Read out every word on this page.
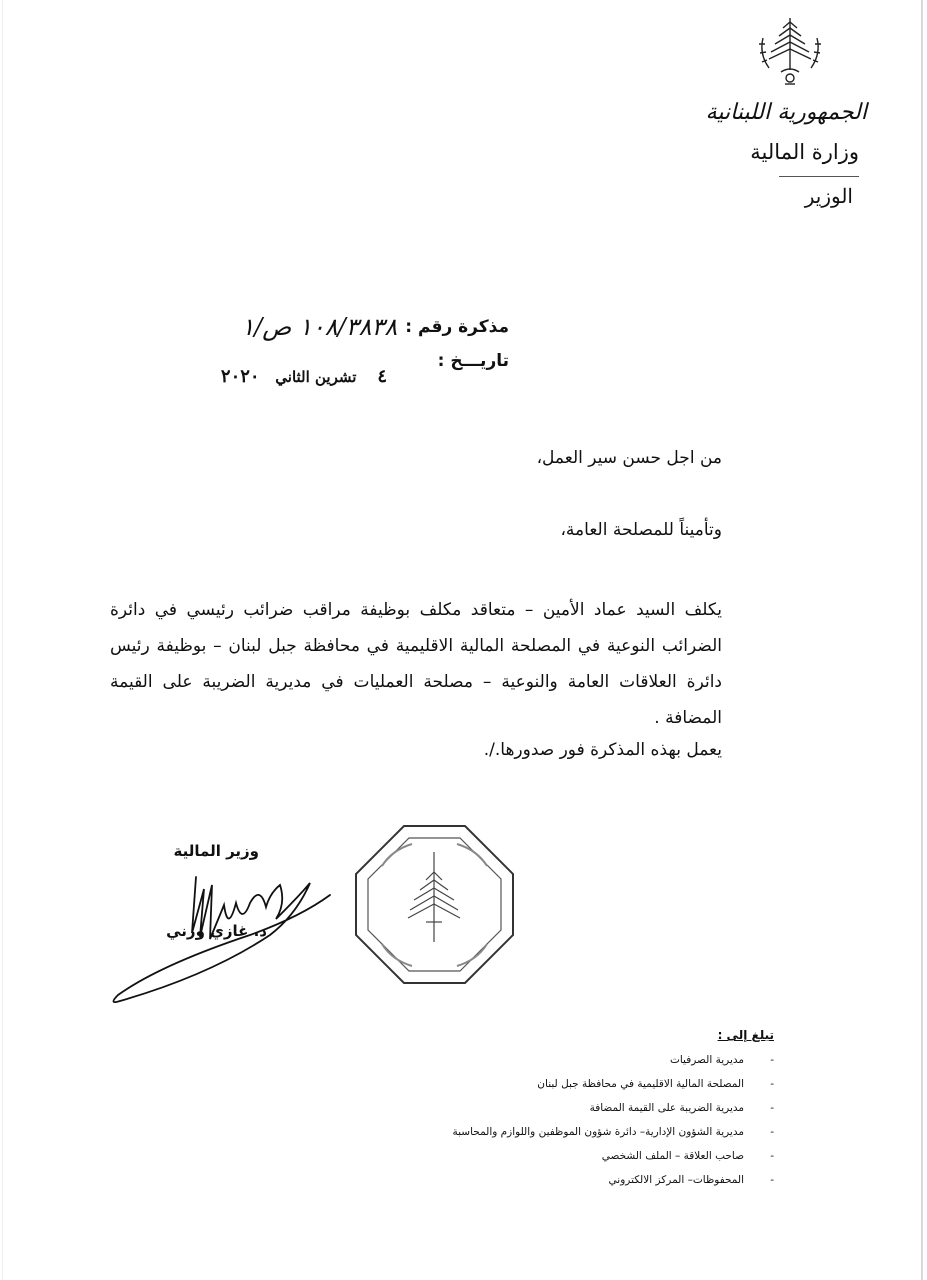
الجمهورية اللبنانية
وزارة المالية
الوزير
مذكرة رقم :
١٠٨/٣٨٣٨ ص/١
تاريـــخ :
٤    تشرين الثاني   ٢٠٢٠
من اجل حسن سير العمل،
وتأميناً للمصلحة العامة،
يكلف السيد عماد الأمين – متعاقد مكلف بوظيفة مراقب ضرائب رئيسي في دائرة الضرائب النوعية في المصلحة المالية الاقليمية في محافظة جبل لبنان – بوظيفة رئيس دائرة العلاقات العامة والنوعية – مصلحة العمليات في مديرية الضريبة على القيمة المضافة .
يعمل بهذه المذكرة فور صدورها./.
وزير المالية
د. غازي وزني
تبلغ إلى :
- مديرية الصرفيات
- المصلحة المالية الاقليمية في محافظة جبل لبنان
- مديرية الضريبة على القيمة المضافة
- مديرية الشؤون الإدارية– دائرة شؤون الموظفين واللوازم والمحاسبة
- صاحب العلاقة – الملف الشخصي
- المحفوظات– المركز الالكتروني
